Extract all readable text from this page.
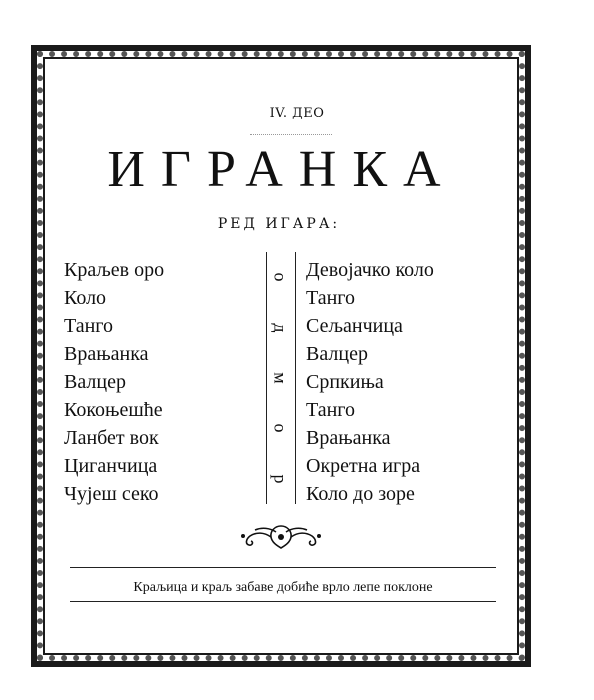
IV. ДЕО
ИГРАНКА
РЕД ИГАРА:
Краљев оро
Коло
Танго
Врањанка
Валцер
Кокоњешће
Ланбет вок
Циганчица
Чујеш секо
о
д
м
о
р
Девојачко коло
Танго
Сељанчица
Валцер
Српкиња
Танго
Врањанка
Окретна игра
Коло до зоре
Краљица и краљ забаве добиће врло лепе поклоне
